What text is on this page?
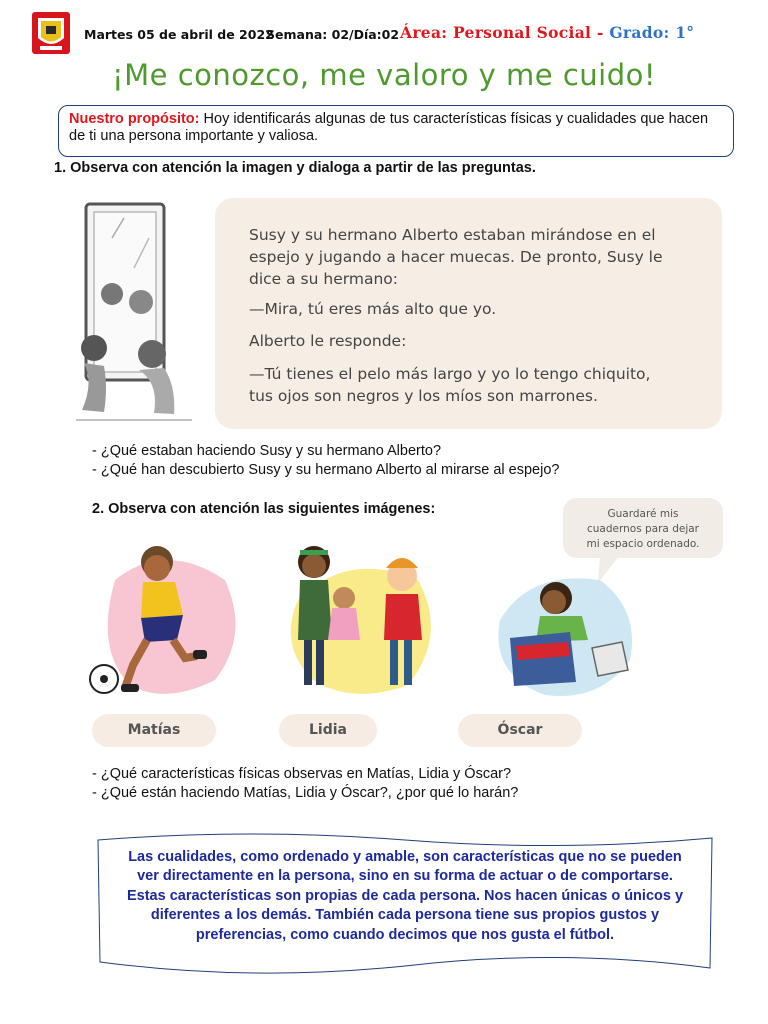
Martes 05 de abril de 2022
Semana: 02/Día:02 Área: Personal Social - Grado: 1°
¡Me conozco, me valoro y me cuido!
Nuestro propósito: Hoy identificarás algunas de tus características físicas y cualidades que hacen de ti una persona importante y valiosa.
1. Observa con atención la imagen y dialoga a partir de las preguntas.

Susy y su hermano Alberto estaban mirándose en el

espejo y jugando a hacer muecas. De pronto, Susy le

dice a su hermano:

—Mira, tú eres más alto que yo.

Alberto le responde:

—Tú tienes el pelo más largo y yo lo tengo chiquito,

tus ojos son negros y los míos son marrones.

- ¿Qué estaban haciendo Susy y su hermano Alberto?
- ¿Qué han descubierto Susy y su hermano Alberto al mirarse al espejo?
2. Observa con atención las siguientes imágenes:	Guardaré mis
cuadernos para dejar
mi espacio ordenado.
Matías	Lidia	Óscar
- ¿Qué características físicas observas en Matías, Lidia y Óscar?
- ¿Qué están haciendo Matías, Lidia y Óscar?, ¿por qué lo harán?
Las cualidades, como ordenado y amable, son características que no se pueden
ver directamente en la persona, sino en su forma de actuar o de comportarse.
Estas características son propias de cada persona. Nos hacen únicas o únicos y
diferentes a los demás. También cada persona tiene sus propios gustos y
preferencias, como cuando decimos que nos gusta el fútbol.
